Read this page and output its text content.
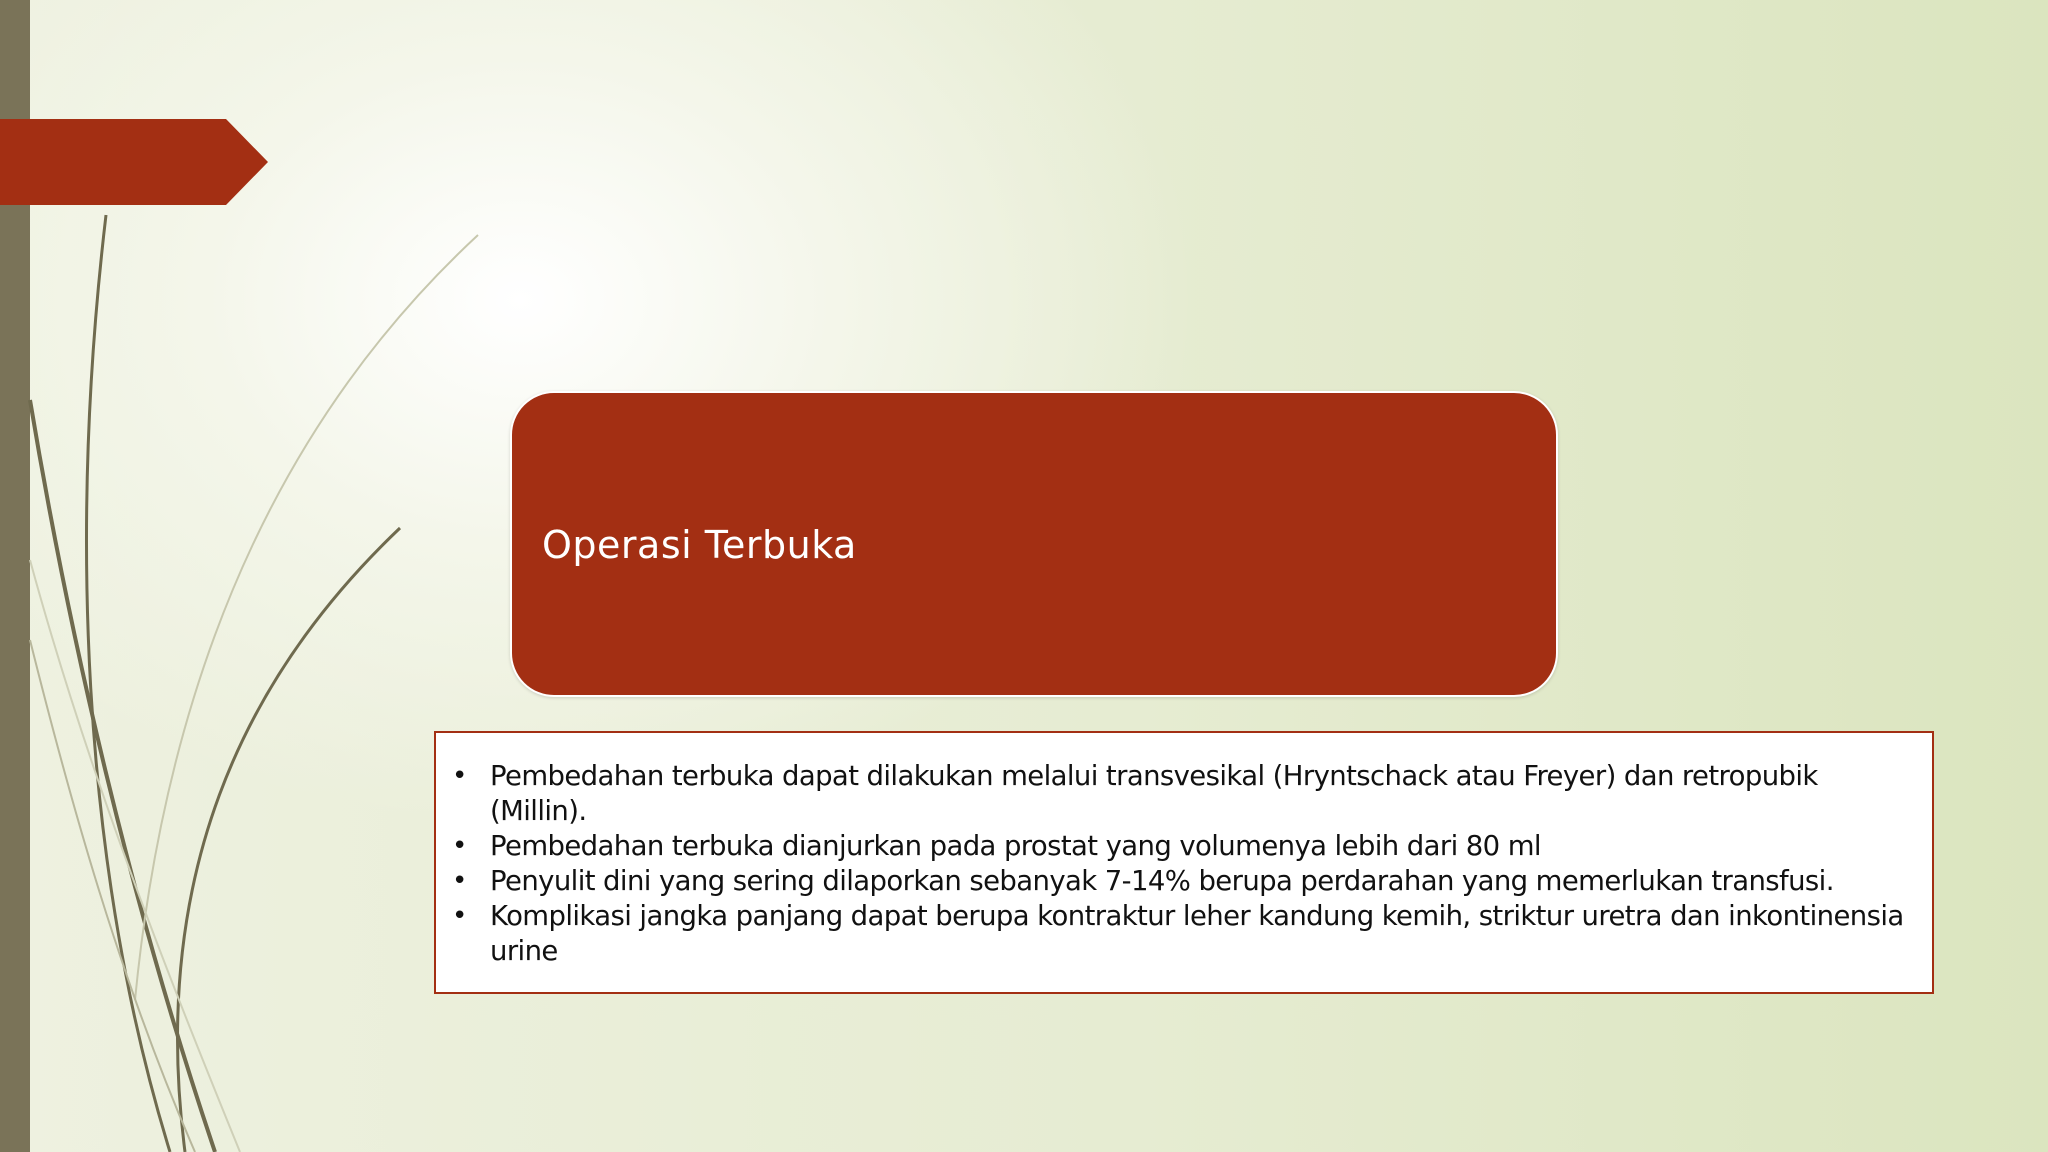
Operasi Terbuka
• Pembedahan terbuka dapat dilakukan melalui transvesikal (Hryntschack atau Freyer) dan retropubik (Millin).
• Pembedahan terbuka dianjurkan pada prostat yang volumenya lebih dari 80 ml
• Penyulit dini yang sering dilaporkan sebanyak 7-14% berupa perdarahan yang memerlukan transfusi.
• Komplikasi jangka panjang dapat berupa kontraktur leher kandung kemih, striktur uretra dan inkontinensia urine
